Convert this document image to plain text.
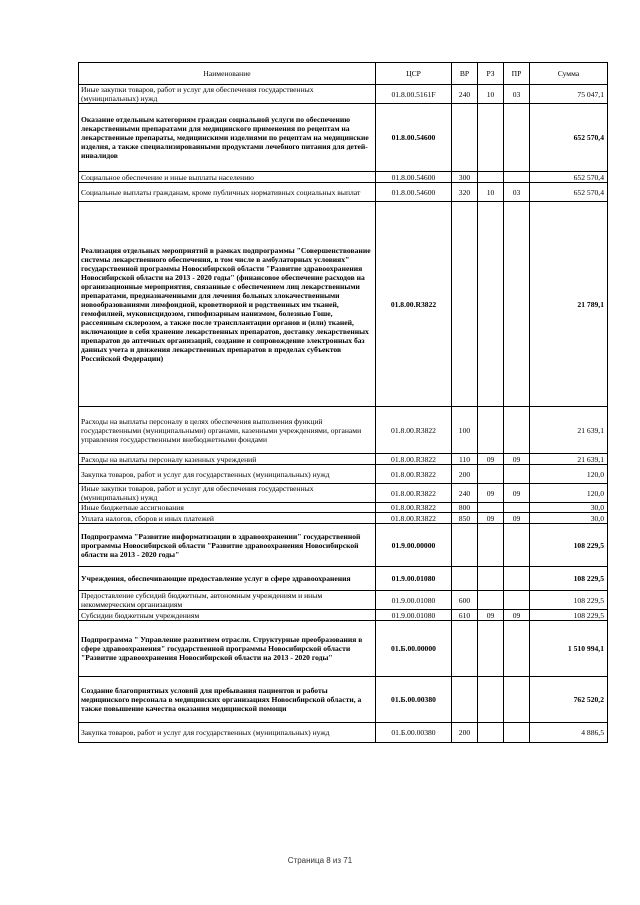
Наименование	ЦСР	ВР	РЗ	ПР	Сумма
Иные закупки товаров, работ и услуг для обеспечения государственных (муниципальных) нужд	01.8.00.5161F	240	10	03	75 047,1
Оказание отдельным категориям граждан социальной услуги по обеспечению лекарственными препаратами для медицинского применения по рецептам на лекарственные препараты, медицинскими изделиями по рецептам на медицинские изделия, а также специализированными продуктами лечебного питания для детей-инвалидов	01.8.00.54600				652 570,4
Социальное обеспечение и иные выплаты населению	01.8.00.54600	300			652 570,4
Социальные выплаты гражданам, кроме публичных нормативных социальных выплат	01.8.00.54600	320	10	03	652 570,4
Реализация отдельных мероприятий в рамках подпрограммы "Совершенствование системы лекарственного обеспечения, в том числе в амбулаторных условиях" государственной программы Новосибирской области "Развитие здравоохранения Новосибирской области на 2013 - 2020 годы" (финансовое обеспечение расходов на организационные мероприятия, связанные с обеспечением лиц лекарственными препаратами, предназначенными для лечения больных злокачественными новообразованиями лимфоидной, кроветворной и родственных им тканей, гемофилией, муковисцидозом, гипофизарным нанизмом, болезнью Гоше, рассеянным склерозом, а также после трансплантации органов и (или) тканей, включающие в себя хранение лекарственных препаратов, доставку лекарственных препаратов до аптечных организаций, создание и сопровождение электронных баз данных учета и движения лекарственных препаратов в пределах субъектов Российской Федерации)	01.8.00.R3822				21 789,1
Расходы на выплаты персоналу в целях обеспечения выполнения функций государственными (муниципальными) органами, казенными учреждениями, органами управления государственными внебюджетными фондами	01.8.00.R3822	100			21 639,1
Расходы на выплаты персоналу казенных учреждений	01.8.00.R3822	110	09	09	21 639,1
Закупка товаров, работ и услуг для государственных (муниципальных) нужд	01.8.00.R3822	200			120,0
Иные закупки товаров, работ и услуг для обеспечения государственных (муниципальных) нужд	01.8.00.R3822	240	09	09	120,0
Иные бюджетные ассигнования	01.8.00.R3822	800			30,0
Уплата налогов, сборов и иных платежей	01.8.00.R3822	850	09	09	30,0
Подпрограмма "Развитие информатизации в здравоохранении" государственной программы Новосибирской области "Развитие здравоохранения Новосибирской области на 2013 - 2020 годы"	01.9.00.00000				108 229,5
Учреждения, обеспечивающие предоставление услуг в сфере здравоохранения	01.9.00.01080				108 229,5
Предоставление субсидий бюджетным, автономным учреждениям и иным некоммерческим организациям	01.9.00.01080	600			108 229,5
Субсидии бюджетным учреждениям	01.9.00.01080	610	09	09	108 229,5
Подпрограмма " Управление развитием отрасли. Структурные преобразования в сфере здравоохранения" государственной программы Новосибирской области "Развитие здравоохранения Новосибирской области на 2013 - 2020 годы"	01.Б.00.00000				1 510 994,1
Создание благоприятных условий для пребывания пациентов и работы медицинского персонала в медицинских организациях Новосибирской области, а также повышение качества оказания медицинской помощи	01.Б.00.00380				762 520,2
Закупка товаров, работ и услуг для государственных (муниципальных) нужд	01.Б.00.00380	200			4 886,5
Страница 8 из 71
